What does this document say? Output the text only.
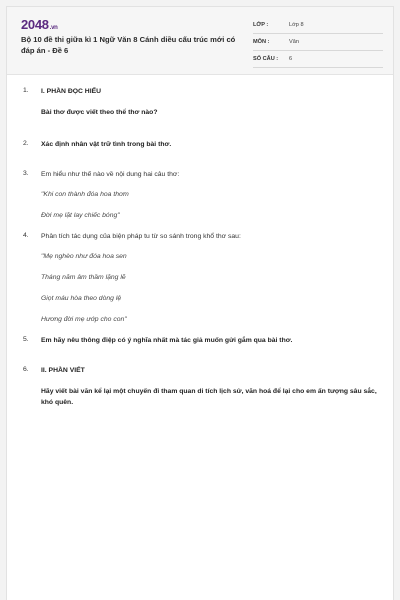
2048.vn
Bộ 10 đề thi giữa kì 1 Ngữ Văn 8 Cánh diều cấu trúc mới có đáp án - Đề 6
LỚP :	Lớp 8
MÔN :	Văn
SỐ CÂU : 6
1. I. PHẦN ĐỌC HIỂU
Bài thơ được viết theo thể thơ nào?
2. Xác định nhân vật trữ tình trong bài thơ.
3. Em hiểu như thế nào về nội dung hai câu thơ:
"Khi con thành đóa hoa thơm
Đời mẹ lặt lay chiếc bóng"
4. Phân tích tác dụng của biện pháp tu từ so sánh trong khổ thơ sau:
"Mẹ nghèo như đóa hoa sen
Tháng năm âm thầm lặng lẽ
Giọt máu hòa theo dòng lệ
Hương đời mẹ ướp cho con"
5. Em hãy nêu thông điệp có ý nghĩa nhất mà tác giả muốn gửi gắm qua bài thơ.
6. II. PHẦN VIẾT
Hãy viết bài văn kể lại một chuyến đi tham quan di tích lịch sử, văn hoá để lại cho em ấn tượng sâu sắc, khó quên.
